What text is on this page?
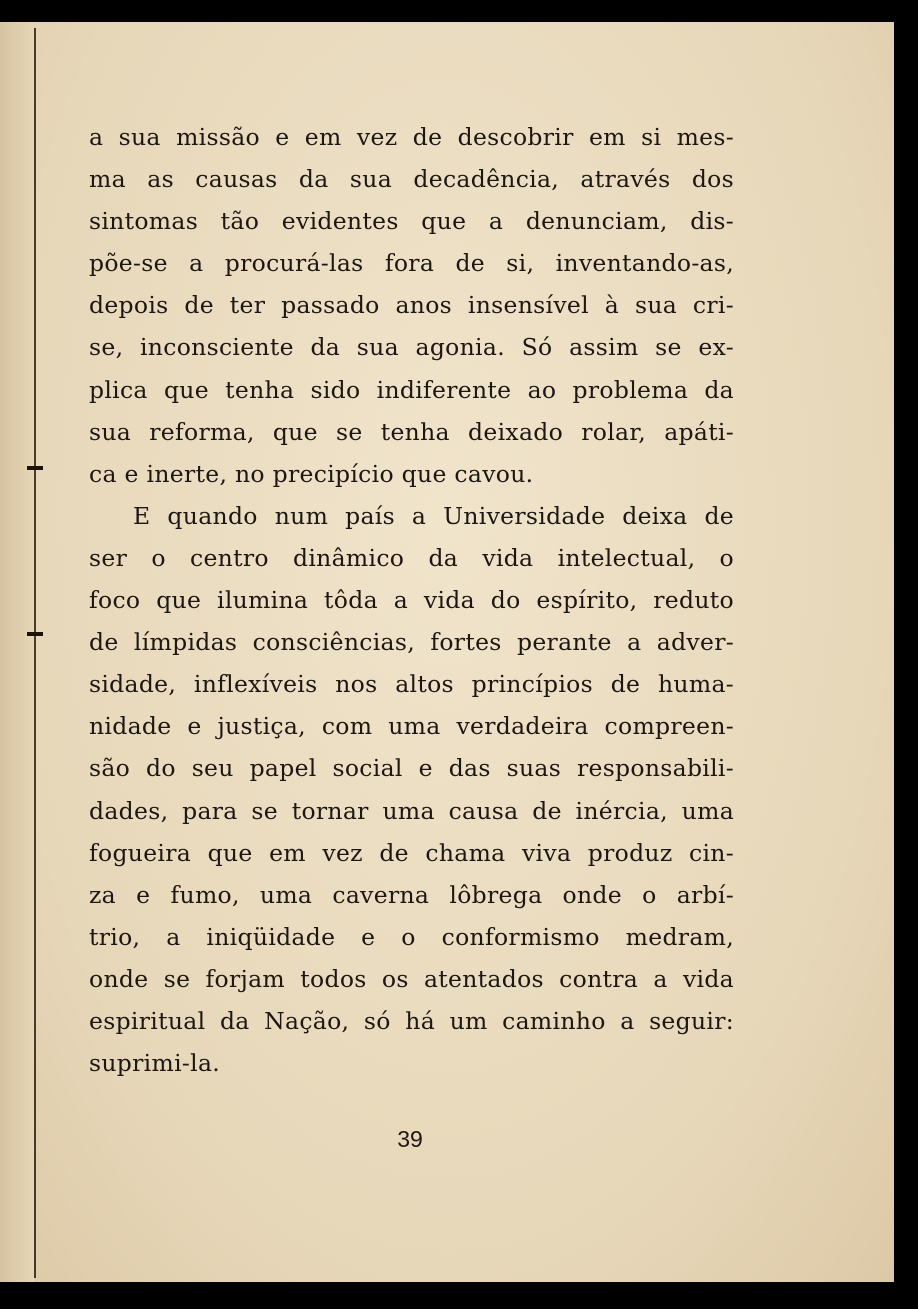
a sua missão e em vez de descobrir em si mes-
ma as causas da sua decadência, através dos
sintomas tão evidentes que a denunciam, dis-
põe-se a procurá-las fora de si, inventando-as,
depois de ter passado anos insensível à sua cri-
se, inconsciente da sua agonia. Só assim se ex-
plica que tenha sido indiferente ao problema da
sua reforma, que se tenha deixado rolar, apáti-
ca e inerte, no precipício que cavou.
E quando num país a Universidade deixa de
ser o centro dinâmico da vida intelectual, o
foco que ilumina tôda a vida do espírito, reduto
de límpidas consciências, fortes perante a adver-
sidade, inflexíveis nos altos princípios de huma-
nidade e justiça, com uma verdadeira compreen-
são do seu papel social e das suas responsabili-
dades, para se tornar uma causa de inércia, uma
fogueira que em vez de chama viva produz cin-
za e fumo, uma caverna lôbrega onde o arbí-
trio, a iniqüidade e o conformismo medram,
onde se forjam todos os atentados contra a vida
espiritual da Nação, só há um caminho a seguir:
suprimi-la.
39
